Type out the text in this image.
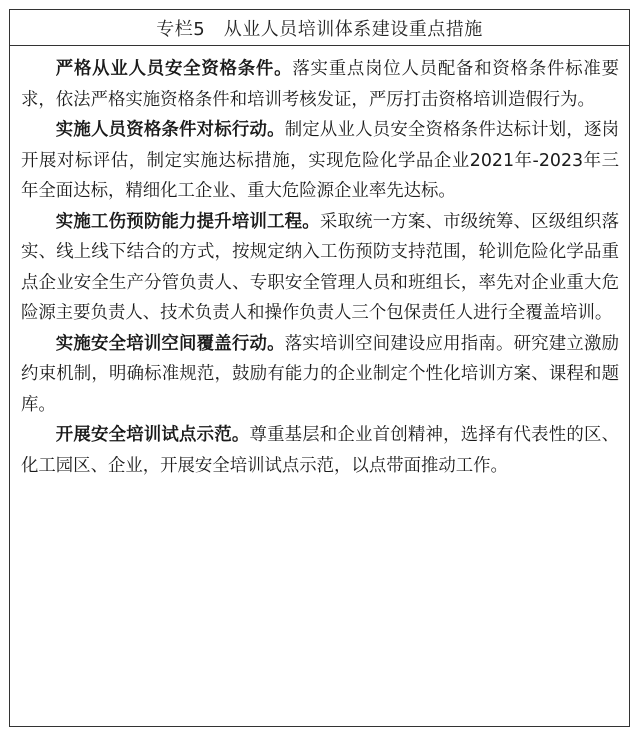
专栏5　从业人员培训体系建设重点措施

严格从业人员安全资格条件。落实重点岗位人员配备和资格条件标准要求，依法严格实施资格条件和培训考核发证，严厉打击资格培训造假行为。

实施人员资格条件对标行动。制定从业人员安全资格条件达标计划，逐岗开展对标评估，制定实施达标措施，实现危险化学品企业2021年-2023年三年全面达标，精细化工企业、重大危险源企业率先达标。

实施工伤预防能力提升培训工程。采取统一方案、市级统筹、区级组织落实、线上线下结合的方式，按规定纳入工伤预防支持范围，轮训危险化学品重点企业安全生产分管负责人、专职安全管理人员和班组长，率先对企业重大危险源主要负责人、技术负责人和操作负责人三个包保责任人进行全覆盖培训。

实施安全培训空间覆盖行动。落实培训空间建设应用指南。研究建立激励约束机制，明确标准规范，鼓励有能力的企业制定个性化培训方案、课程和题库。

开展安全培训试点示范。尊重基层和企业首创精神，选择有代表性的区、化工园区、企业，开展安全培训试点示范，以点带面推动工作。
